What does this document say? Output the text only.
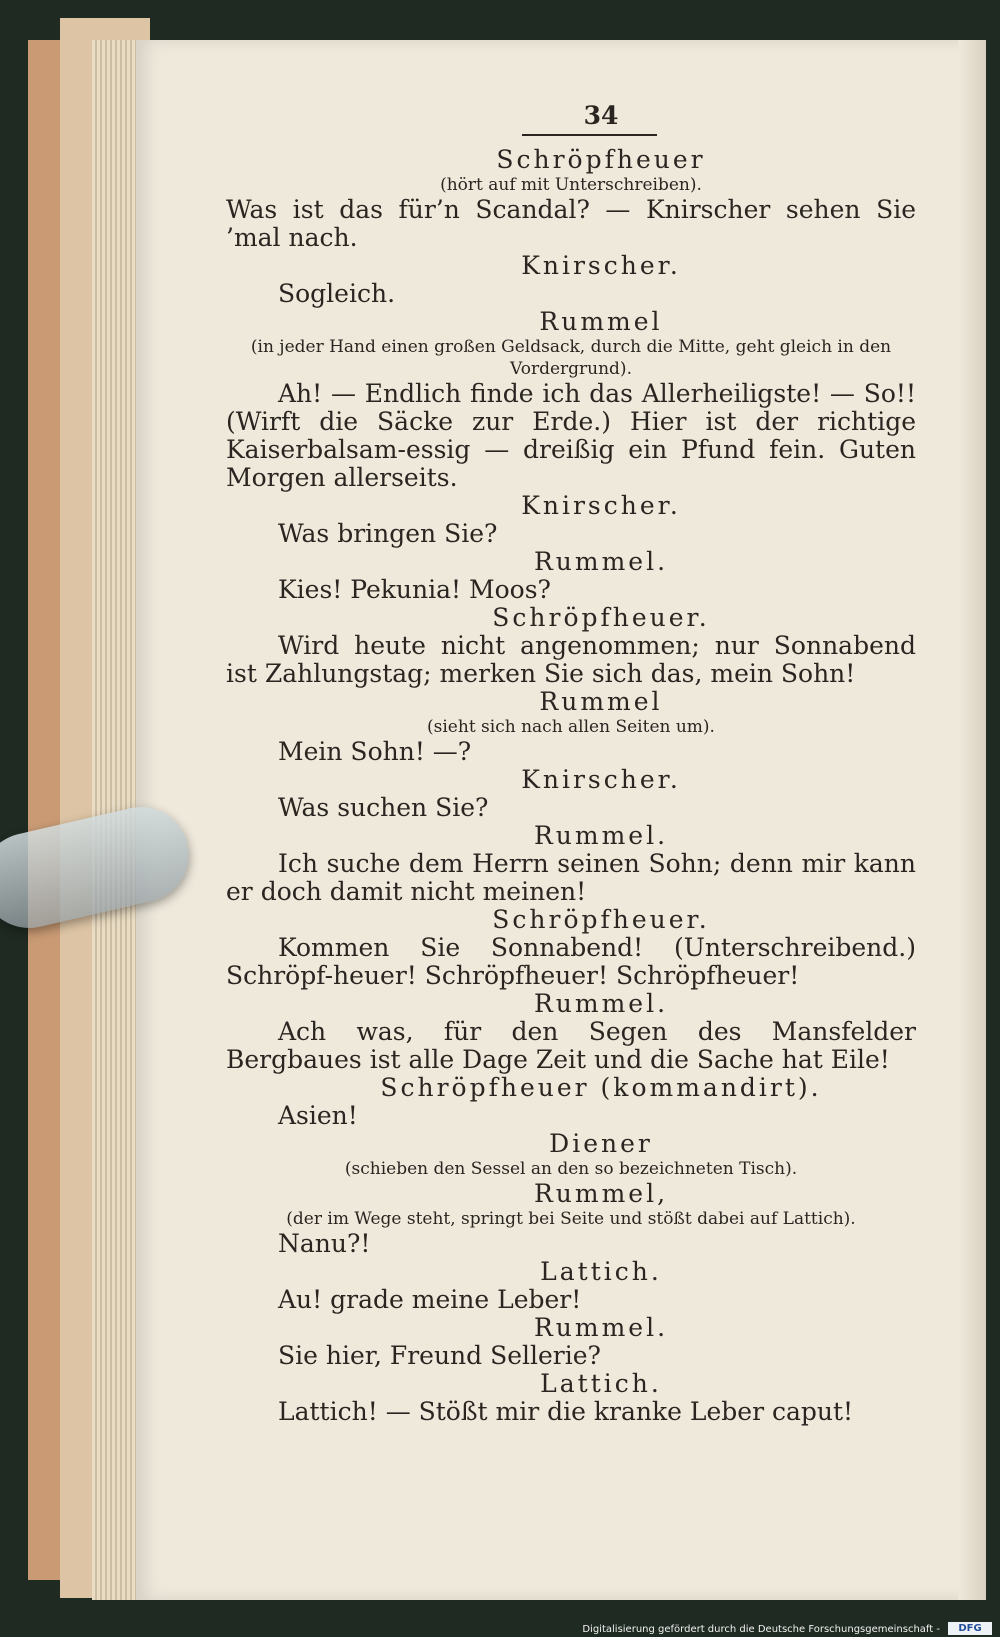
34
Schröpfheuer
(hört auf mit Unterschreiben).
Was ist das für’n Scandal? — Knirscher sehen Sie ’mal nach.
Knirscher.
Sogleich.
Rummel
(in jeder Hand einen großen Geldsack, durch die Mitte, geht gleich in den Vordergrund).
Ah! — Endlich finde ich das Allerheiligste! — So!! (Wirft die Säcke zur Erde.) Hier ist der richtige Kaiserbalsam-essig — dreißig ein Pfund fein. Guten Morgen allerseits.
Knirscher.
Was bringen Sie?
Rummel.
Kies! Pekunia! Moos?
Schröpfheuer.
Wird heute nicht angenommen; nur Sonnabend ist Zahlungstag; merken Sie sich das, mein Sohn!
Rummel
(sieht sich nach allen Seiten um).
Mein Sohn! —?
Knirscher.
Was suchen Sie?
Rummel.
Ich suche dem Herrn seinen Sohn; denn mir kann er doch damit nicht meinen!
Schröpfheuer.
Kommen Sie Sonnabend! (Unterschreibend.) Schröpf-heuer! Schröpfheuer! Schröpfheuer!
Rummel.
Ach was, für den Segen des Mansfelder Bergbaues ist alle Dage Zeit und die Sache hat Eile!
Schröpfheuer (kommandirt).
Asien!
Diener
(schieben den Sessel an den so bezeichneten Tisch).
Rummel,
(der im Wege steht, springt bei Seite und stößt dabei auf Lattich).
Nanu?!
Lattich.
Au! grade meine Leber!
Rummel.
Sie hier, Freund Sellerie?
Lattich.
Lattich! — Stößt mir die kranke Leber caput!
Digitalisierung gefördert durch die Deutsche Forschungsgemeinschaft -	DFG
